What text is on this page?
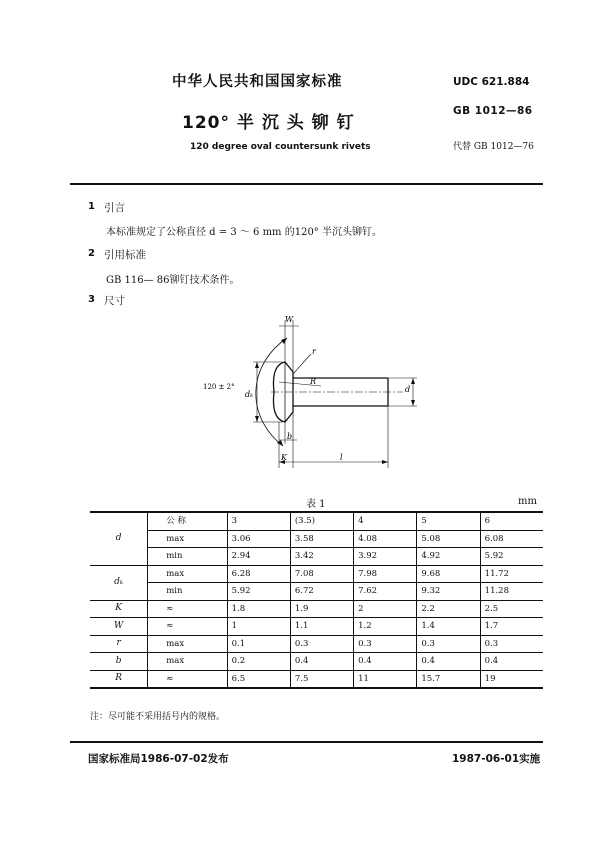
中华人民共和国国家标准	UDC 621.884
GB 1012—86
120° 半 沉 头 铆 钉
120 degree oval countersunk rivets	代替 GB 1012—76
1 引言
本标准规定了公称直径 d = 3 ～ 6 mm 的120° 半沉头铆钉。
2 引用标准
GB 116— 86铆钉技术条件。
3 尺寸
W
r
R
dₖ
d
b
K	l
120 ± 2°
表 1	mm
d	公 称	3	(3.5)	4	5	6
	max	3.06	3.58	4.08	5.08	6.08
	min	2.94	3.42	3.92	4.92	5.92
dₖ	max	6.28	7.08	7.98	9.68	11.72
	min	5.92	6.72	7.62	9.32	11.28
K	≈	1.8	1.9	2	2.2	2.5
W	≈	1	1.1	1.2	1.4	1.7
r	max	0.1	0.3	0.3	0.3	0.3
b	max	0.2	0.4	0.4	0.4	0.4
R	≈	6.5	7.5	11	15.7	19
注：尽可能不采用括号内的规格。
国家标准局1986-07-02发布	1987-06-01实施
